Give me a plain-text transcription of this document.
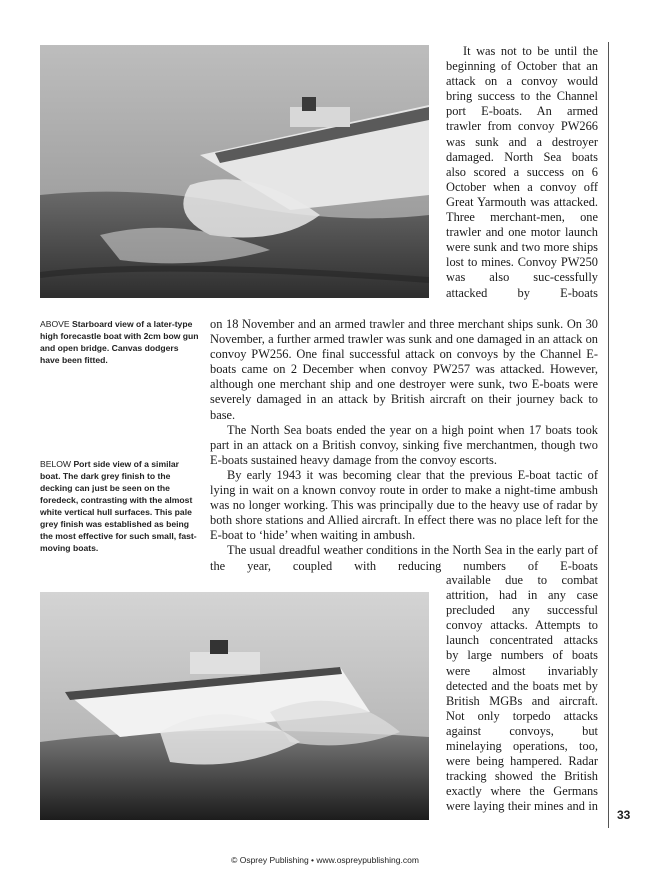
ABOVE Starboard view of a later-type high forecastle boat with 2cm bow gun and open bridge. Canvas dodgers have been fitted.
BELOW Port side view of a similar boat. The dark grey finish to the decking can just be seen on the foredeck, contrasting with the almost white vertical hull surfaces. This pale grey finish was established as being the most effective for such small, fast-moving boats.

It was not to be until the beginning of October that an attack on a convoy would bring success to the Channel port E-boats. An armed trawler from convoy PW266 was sunk and a destroyer damaged. North Sea boats also scored a success on 6 October when a convoy off Great Yarmouth was attacked. Three merchant-men, one trawler and one motor launch were sunk and two more ships lost to mines. Convoy PW250 was also suc-cessfully attacked by E-boats

on 18 November and an armed trawler and three merchant ships sunk. On 30 November, a further armed trawler was sunk and one damaged in an attack on convoy PW256. One final successful attack on convoys by the Channel E-boats came on 2 December when convoy PW257 was attacked. However, although one merchant ship and one destroyer were sunk, two E-boats were severely damaged in an attack by British aircraft on their journey back to base.

The North Sea boats ended the year on a high point when 17 boats took part in an attack on a British convoy, sinking five merchantmen, though two E-boats sustained heavy damage from the convoy escorts.

By early 1943 it was becoming clear that the previous E-boat tactic of lying in wait on a known convoy route in order to make a night-time ambush was no longer working. This was principally due to the heavy use of radar by both shore stations and Allied aircraft. In effect there was no place left for the E-boat to ‘hide’ when waiting in ambush.

The usual dreadful weather conditions in the North Sea in the early part of the year, coupled with reducing numbers of E-boats

available due to combat attrition, had in any case precluded any successful convoy attacks. Attempts to launch concentrated attacks by large numbers of boats were almost invariably detected and the boats met by British MGBs and aircraft. Not only torpedo attacks against convoys, but minelaying operations, too, were being hampered. Radar tracking showed the British exactly where the Germans were laying their mines and in

33
© Osprey Publishing • www.ospreypublishing.com
